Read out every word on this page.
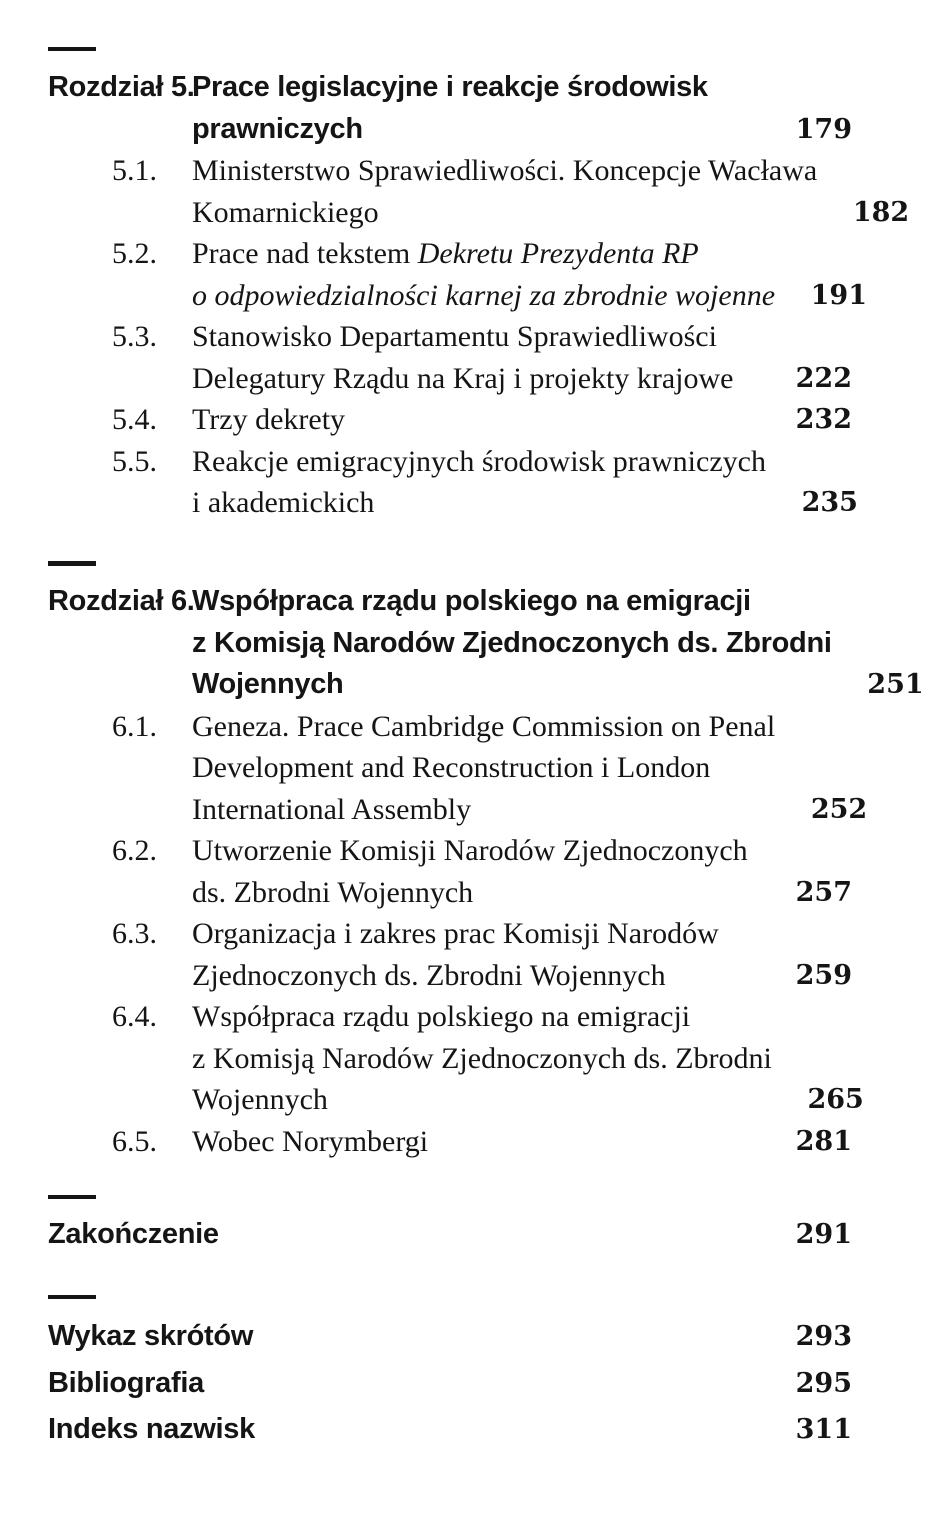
Rozdział 5.
Prace legislacyjne i reakcje środowisk
prawniczych	179
5.1.	Ministerstwo Sprawiedliwości. Koncepcje Wacława
Komarnickiego	182
5.2.	Prace nad tekstem Dekretu Prezydenta RP
o odpowiedzialności karnej za zbrodnie wojenne 191
5.3.	Stanowisko Departamentu Sprawiedliwości
Delegatury Rządu na Kraj i projekty krajowe	222
5.4.	Trzy dekrety	232
5.5.	Reakcje emigracyjnych środowisk prawniczych
i akademickich	235
Rozdział 6.
Współpraca rządu polskiego na emigracji
z Komisją Narodów Zjednoczonych ds. Zbrodni
Wojennych	251
6.1.	Geneza. Prace Cambridge Commission on Penal
Development and Reconstruction i London
International Assembly	252
6.2.	Utworzenie Komisji Narodów Zjednoczonych
ds. Zbrodni Wojennych	257
6.3.	Organizacja i zakres prac Komisji Narodów
Zjednoczonych ds. Zbrodni Wojennych	259
6.4.	Współpraca rządu polskiego na emigracji
z Komisją Narodów Zjednoczonych ds. Zbrodni
Wojennych	265
6.5.	Wobec Norymbergi	281
Zakończenie	291
Wykaz skrótów	293
Bibliografia	295
Indeks nazwisk	311
